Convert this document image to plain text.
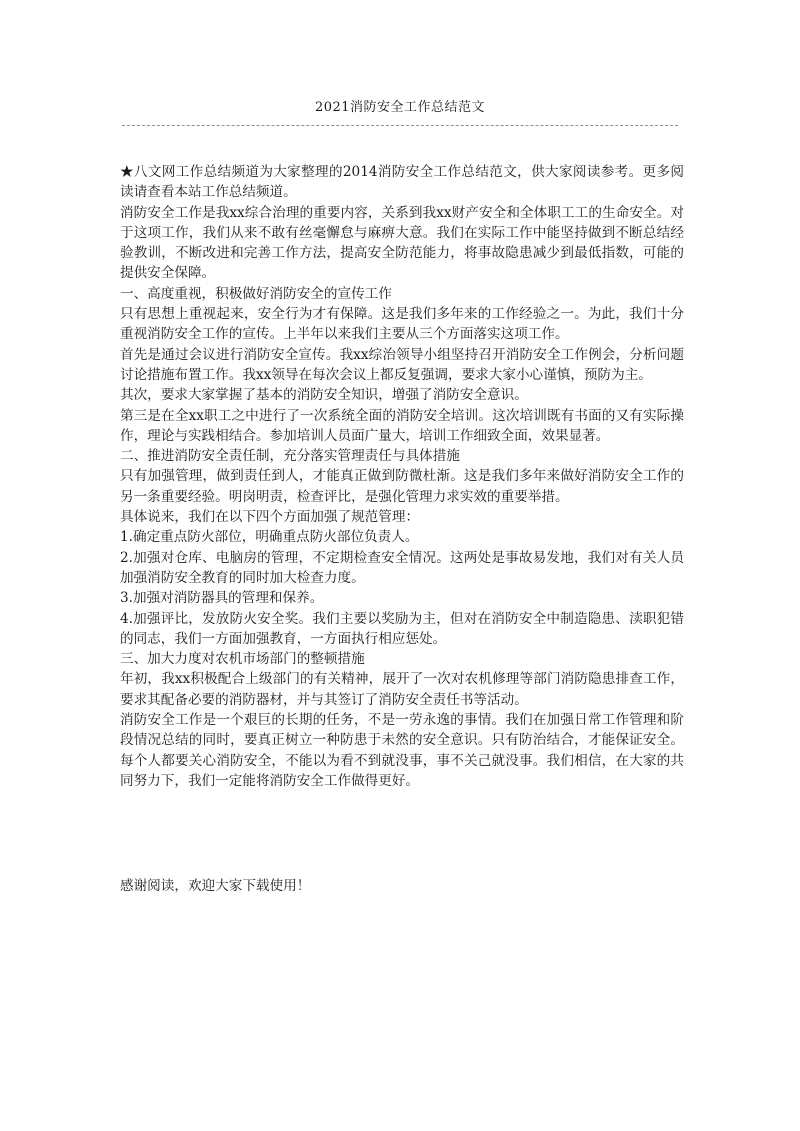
2021消防安全工作总结范文

★八文网工作总结频道为大家整理的2014消防安全工作总结范文，供大家阅读参考。更多阅读请查看本站工作总结频道。

消防安全工作是我xx综合治理的重要内容，关系到我xx财产安全和全体职工工的生命安全。对于这项工作，我们从来不敢有丝毫懈怠与麻痹大意。我们在实际工作中能坚持做到不断总结经验教训，不断改进和完善工作方法，提高安全防范能力，将事故隐患减少到最低指数，可能的提供安全保障。

一、高度重视，积极做好消防安全的宣传工作

只有思想上重视起来，安全行为才有保障。这是我们多年来的工作经验之一。为此，我们十分重视消防安全工作的宣传。上半年以来我们主要从三个方面落实这项工作。

首先是通过会议进行消防安全宣传。我xx综治领导小组坚持召开消防安全工作例会，分析问题讨论措施布置工作。我xx领导在每次会议上都反复强调，要求大家小心谨慎，预防为主。

其次，要求大家掌握了基本的消防安全知识，增强了消防安全意识。

第三是在全xx职工之中进行了一次系统全面的消防安全培训。这次培训既有书面的又有实际操作，理论与实践相结合。参加培训人员面广量大，培训工作细致全面，效果显著。

二、推进消防安全责任制，充分落实管理责任与具体措施

只有加强管理，做到责任到人，才能真正做到防微杜渐。这是我们多年来做好消防安全工作的另一条重要经验。明岗明责，检查评比，是强化管理力求实效的重要举措。

具体说来，我们在以下四个方面加强了规范管理：

1.确定重点防火部位，明确重点防火部位负责人。

2.加强对仓库、电脑房的管理，不定期检查安全情况。这两处是事故易发地，我们对有关人员加强消防安全教育的同时加大检查力度。

3.加强对消防器具的管理和保养。

4.加强评比，发放防火安全奖。我们主要以奖励为主，但对在消防安全中制造隐患、渎职犯错的同志，我们一方面加强教育，一方面执行相应惩处。

三、加大力度对农机市场部门的整顿措施

年初，我xx积极配合上级部门的有关精神，展开了一次对农机修理等部门消防隐患排查工作，要求其配备必要的消防器材，并与其签订了消防安全责任书等活动。

消防安全工作是一个艰巨的长期的任务，不是一劳永逸的事情。我们在加强日常工作管理和阶段情况总结的同时，要真正树立一种防患于未然的安全意识。只有防治结合，才能保证安全。每个人都要关心消防安全，不能以为看不到就没事，事不关己就没事。我们相信，在大家的共同努力下，我们一定能将消防安全工作做得更好。

感谢阅读，欢迎大家下载使用！
